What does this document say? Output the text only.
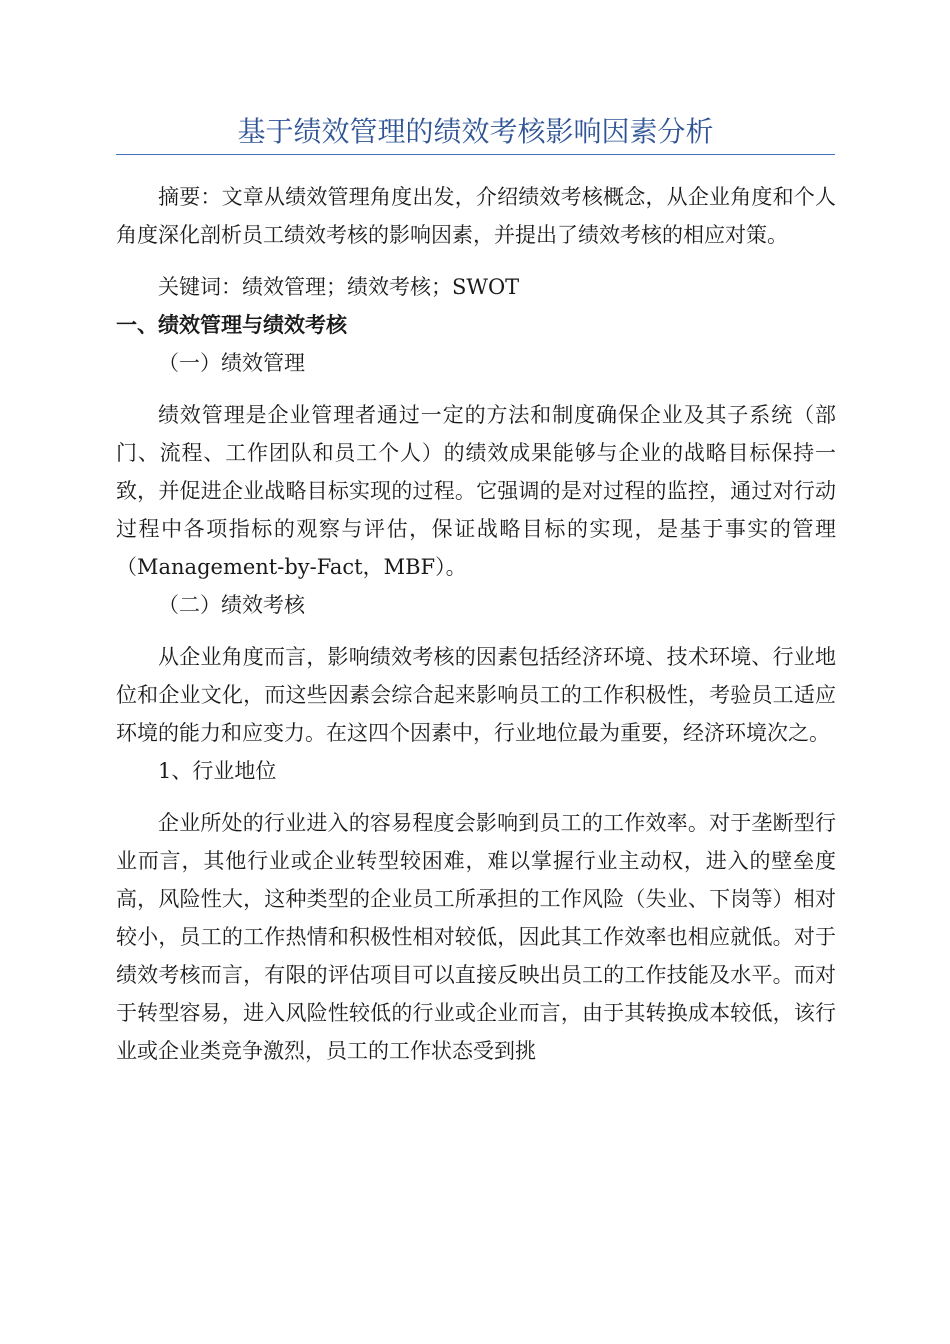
基于绩效管理的绩效考核影响因素分析

摘要：文章从绩效管理角度出发，介绍绩效考核概念，从企业角度和个人角度深化剖析员工绩效考核的影响因素，并提出了绩效考核的相应对策。

关键词：绩效管理；绩效考核；SWOT

一、绩效管理与绩效考核

（一）绩效管理

绩效管理是企业管理者通过一定的方法和制度确保企业及其子系统（部门、流程、工作团队和员工个人）的绩效成果能够与企业的战略目标保持一致，并促进企业战略目标实现的过程。它强调的是对过程的监控，通过对行动过程中各项指标的观察与评估，保证战略目标的实现，是基于事实的管理（Management-by-Fact，MBF）。

（二）绩效考核

从企业角度而言，影响绩效考核的因素包括经济环境、技术环境、行业地位和企业文化，而这些因素会综合起来影响员工的工作积极性，考验员工适应环境的能力和应变力。在这四个因素中，行业地位最为重要，经济环境次之。

1、行业地位

企业所处的行业进入的容易程度会影响到员工的工作效率。对于垄断型行业而言，其他行业或企业转型较困难，难以掌握行业主动权，进入的壁垒度高，风险性大，这种类型的企业员工所承担的工作风险（失业、下岗等）相对较小，员工的工作热情和积极性相对较低，因此其工作效率也相应就低。对于绩效考核而言，有限的评估项目可以直接反映出员工的工作技能及水平。而对于转型容易，进入风险性较低的行业或企业而言，由于其转换成本较低，该行业或企业类竞争激烈，员工的工作状态受到挑
